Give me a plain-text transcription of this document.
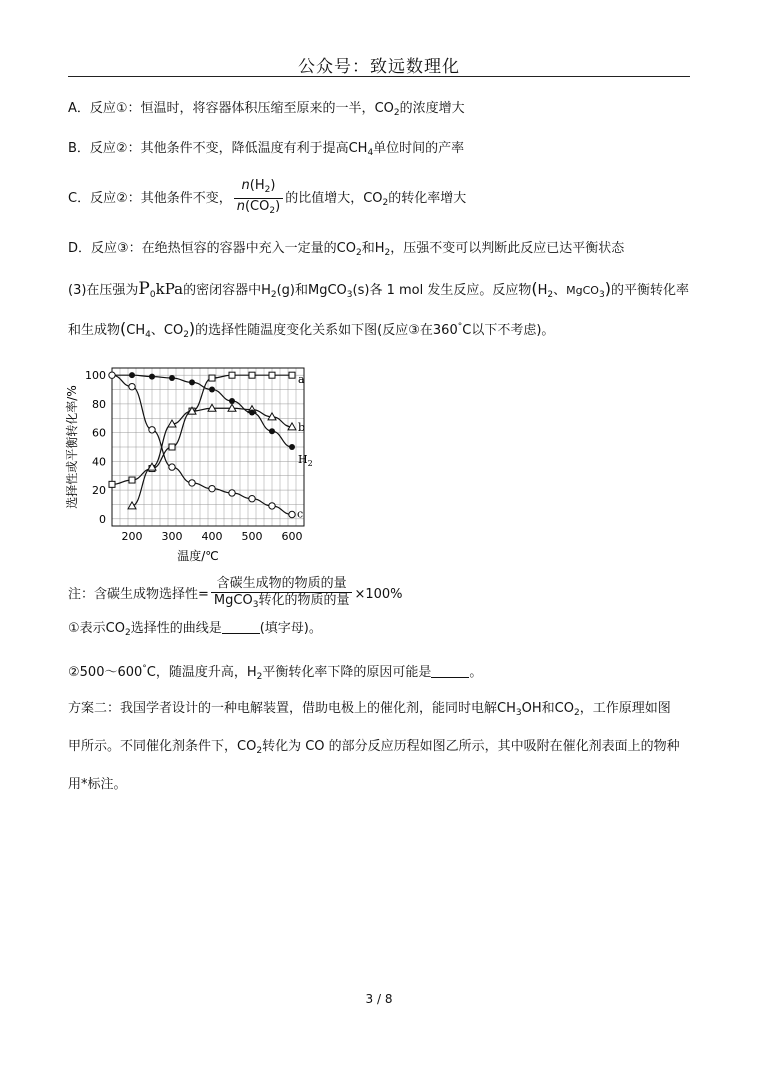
公众号：致远数理化
A．反应①：恒温时，将容器体积压缩至原来的一半，$CO_2$的浓度增大
B．反应②：其他条件不变，降低温度有利于提高$CH_4$单位时间的产率
C．反应②：其他条件不变， $\frac{n(H_2)}{n(CO_2)}$ 的比值增大，$CO_2$的转化率增大
D．反应③：在绝热恒容的容器中充入一定量的$CO_2$和$H_2$，压强不变可以判断此反应已达平衡状态
(3)在压强为$P_0kPa$的密闭容器中$H_2(g)$和MgCO$_3$(s)各 1 mol 发生反应。反应物($H_2$、MgCO$_3$)的平衡转化率
和生成物($CH_4$、$CO_2$)的选择性随温度变化关系如下图(反应③在360°C以下不考虑)。
200 300 400 500 600
0
20
40
60
80
100
温度/℃
选择性或平衡转化率/%
a
b
$H_2$
c
注：含碳生成物选择性= $\frac{\text{含碳生成物的物质的量}}{MgCO_3转化的物质的量} \times 100\%$
①表示$CO_2$选择性的曲线是	(填字母)。
②500～600°C，随温度升高，$H_2$平衡转化率下降的原因可能是	。
方案二：我国学者设计的一种电解装置，借助电极上的催化剂，能同时电解$CH_3OH$和$CO_2$，工作原理如图
甲所示。不同催化剂条件下，$CO_2$转化为 CO 的部分反应历程如图乙所示，其中吸附在催化剂表面上的物种
用*标注。
3 / 8
